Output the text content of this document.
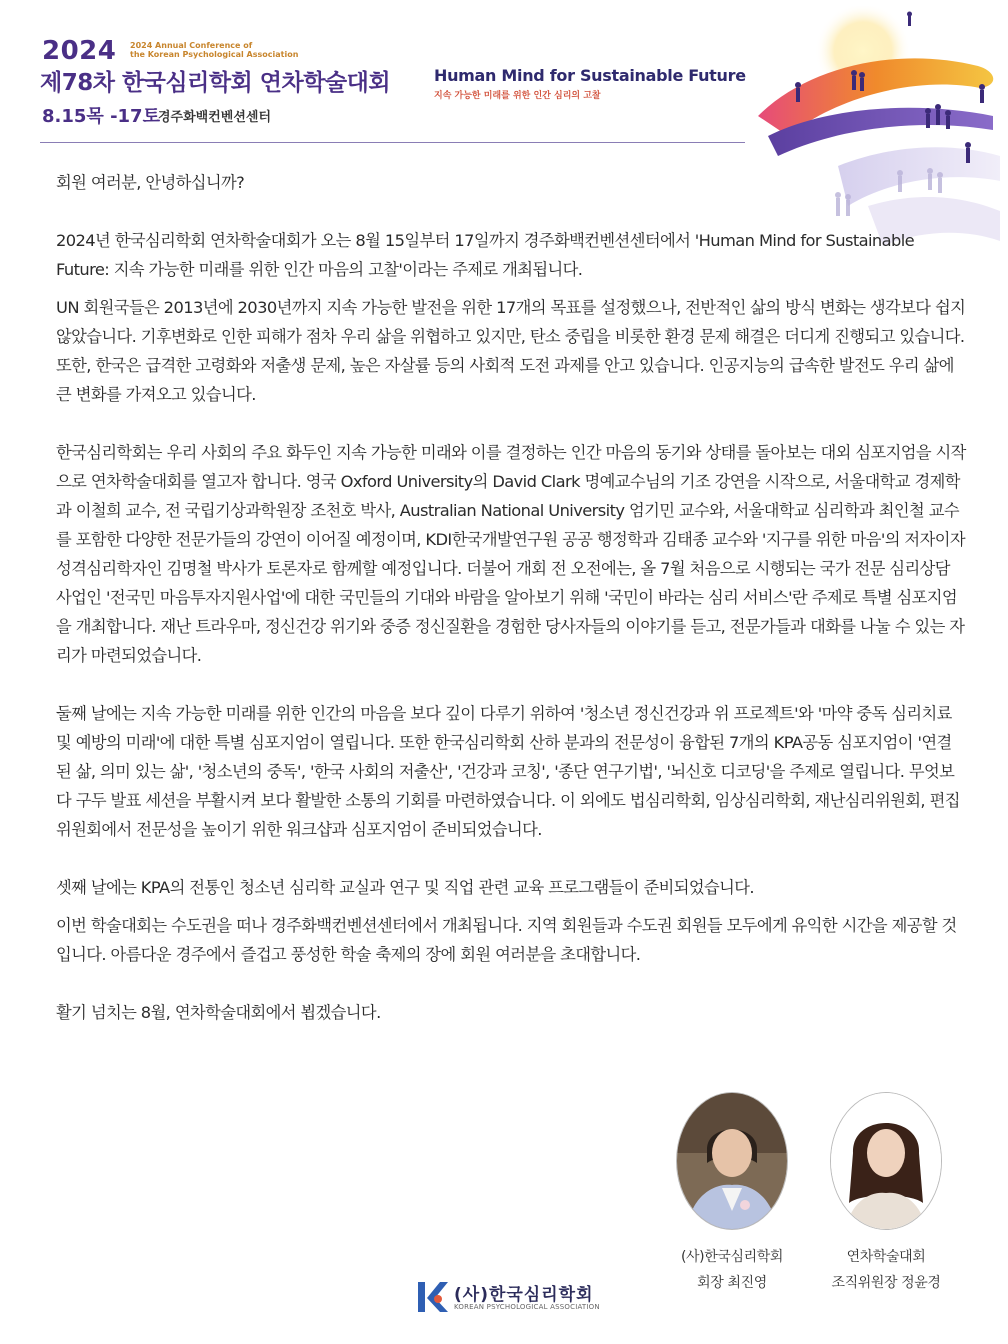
2024 2024 Annual Conference of
the Korean Psychological Association
제78차 한국심리학회 연차학술대회
8.15목 -17토
경주화백컨벤션센터
Human Mind for Sustainable Future
지속 가능한 미래를 위한 인간 심리의 고찰

회원 여러분, 안녕하십니까?

2024년 한국심리학회 연차학술대회가 오는 8월 15일부터 17일까지 경주화백컨벤션센터에서 'Human Mind for Sustainable Future: 지속 가능한 미래를 위한 인간 마음의 고찰'이라는 주제로 개최됩니다.

UN 회원국들은 2013년에 2030년까지 지속 가능한 발전을 위한 17개의 목표를 설정했으나, 전반적인 삶의 방식 변화는 생각보다 쉽지 않았습니다. 기후변화로 인한 피해가 점차 우리 삶을 위협하고 있지만, 탄소 중립을 비롯한 환경 문제 해결은 더디게 진행되고 있습니다. 또한, 한국은 급격한 고령화와 저출생 문제, 높은 자살률 등의 사회적 도전 과제를 안고 있습니다. 인공지능의 급속한 발전도 우리 삶에 큰 변화를 가져오고 있습니다.

한국심리학회는 우리 사회의 주요 화두인 지속 가능한 미래와 이를 결정하는 인간 마음의 동기와 상태를 돌아보는 대외 심포지엄을 시작으로 연차학술대회를 열고자 합니다. 영국 Oxford University의 David Clark 명예교수님의 기조 강연을 시작으로, 서울대학교 경제학과 이철희 교수, 전 국립기상과학원장 조천호 박사, Australian National University 엄기민 교수와, 서울대학교 심리학과 최인철 교수를 포함한 다양한 전문가들의 강연이 이어질 예정이며, KDI한국개발연구원 공공 행정학과 김태종 교수와 '지구를 위한 마음'의 저자이자 성격심리학자인 김명철 박사가 토론자로 함께할 예정입니다. 더불어 개회 전 오전에는, 올 7월 처음으로 시행되는 국가 전문 심리상담 사업인 '전국민 마음투자지원사업'에 대한 국민들의 기대와 바람을 알아보기 위해 '국민이 바라는 심리 서비스'란 주제로 특별 심포지엄을 개최합니다. 재난 트라우마, 정신건강 위기와 중증 정신질환을 경험한 당사자들의 이야기를 듣고, 전문가들과 대화를 나눌 수 있는 자리가 마련되었습니다.

둘째 날에는 지속 가능한 미래를 위한 인간의 마음을 보다 깊이 다루기 위하여 '청소년 정신건강과 위 프로젝트'와 '마약 중독 심리치료 및 예방의 미래'에 대한 특별 심포지엄이 열립니다. 또한 한국심리학회 산하 분과의 전문성이 융합된 7개의 KPA공동 심포지엄이 '연결된 삶, 의미 있는 삶', '청소년의 중독', '한국 사회의 저출산', '건강과 코칭', '종단 연구기법', '뇌신호 디코딩'을 주제로 열립니다. 무엇보다 구두 발표 세션을 부활시켜 보다 활발한 소통의 기회를 마련하였습니다. 이 외에도 법심리학회, 임상심리학회, 재난심리위원회, 편집위원회에서 전문성을 높이기 위한 워크샵과 심포지엄이 준비되었습니다.

셋째 날에는 KPA의 전통인 청소년 심리학 교실과 연구 및 직업 관련 교육 프로그램들이 준비되었습니다.

이번 학술대회는 수도권을 떠나 경주화백컨벤션센터에서 개최됩니다. 지역 회원들과 수도권 회원들 모두에게 유익한 시간을 제공할 것입니다. 아름다운 경주에서 즐겁고 풍성한 학술 축제의 장에 회원 여러분을 초대합니다.

활기 넘치는 8월, 연차학술대회에서 뵙겠습니다.

(사)한국심리학회
회장 최진영
연차학술대회
조직위원장 정윤경
(사)한국심리학회
KOREAN PSYCHOLOGICAL ASSOCIATION
